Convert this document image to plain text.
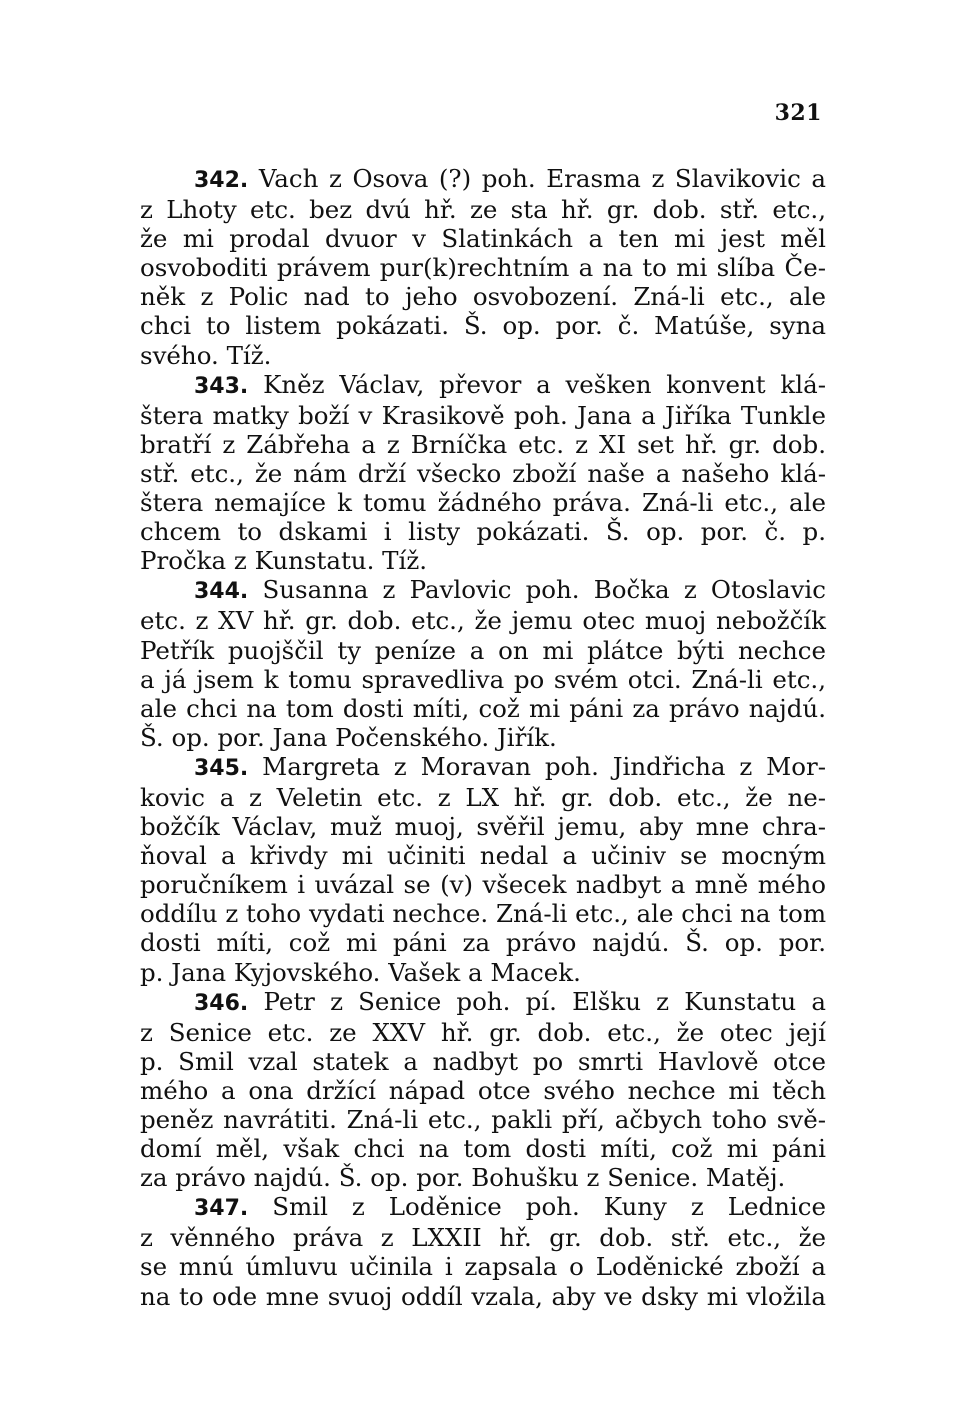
321
342. Vach z Osova (?) poh. Erasma z Slavikovic a
z Lhoty etc. bez dvú hř. ze sta hř. gr. dob. stř. etc.,
že mi prodal dvuor v Slatinkách a ten mi jest měl
osvoboditi právem pur(k)rechtním a na to mi slíba Če-
něk z Polic nad to jeho osvobození. Zná-li etc., ale
chci to listem pokázati. Š. op. por. č. Matúše, syna
svého. Tíž.
343. Kněz Václav, převor a vešken konvent klá-
štera matky boží v Krasikově poh. Jana a Jiříka Tunkle
bratří z Zábřeha a z Brníčka etc. z XI set hř. gr. dob.
stř. etc., že nám drží všecko zboží naše a našeho klá-
štera nemajíce k tomu žádného práva. Zná-li etc., ale
chcem to dskami i listy pokázati. Š. op. por. č. p.
Pročka z Kunstatu. Tíž.
344. Susanna z Pavlovic poh. Bočka z Otoslavic
etc. z XV hř. gr. dob. etc., že jemu otec muoj nebožčík
Petřík puojščil ty peníze a on mi plátce býti nechce
a já jsem k tomu spravedliva po svém otci. Zná-li etc.,
ale chci na tom dosti míti, což mi páni za právo najdú.
Š. op. por. Jana Počenského. Jiřík.
345. Margreta z Moravan poh. Jindřicha z Mor-
kovic a z Veletin etc. z LX hř. gr. dob. etc., že ne-
božčík Václav, muž muoj, svěřil jemu, aby mne chra-
ňoval a křivdy mi učiniti nedal a učiniv se mocným
poručníkem i uvázal se (v) všecek nadbyt a mně mého
oddílu z toho vydati nechce. Zná-li etc., ale chci na tom
dosti míti, což mi páni za právo najdú. Š. op. por.
p. Jana Kyjovského. Vašek a Macek.
346. Petr z Senice poh. pí. Elšku z Kunstatu a
z Senice etc. ze XXV hř. gr. dob. etc., že otec její
p. Smil vzal statek a nadbyt po smrti Havlově otce
mého a ona držící nápad otce svého nechce mi těch
peněz navrátiti. Zná-li etc., pakli pří, ačbych toho svě-
domí měl, však chci na tom dosti míti, což mi páni
za právo najdú. Š. op. por. Bohušku z Senice. Matěj.
347. Smil z Loděnice poh. Kuny z Lednice
z věnného práva z LXXII hř. gr. dob. stř. etc., že
se mnú úmluvu učinila i zapsala o Loděnické zboží a
na to ode mne svuoj oddíl vzala, aby ve dsky mi vložila
